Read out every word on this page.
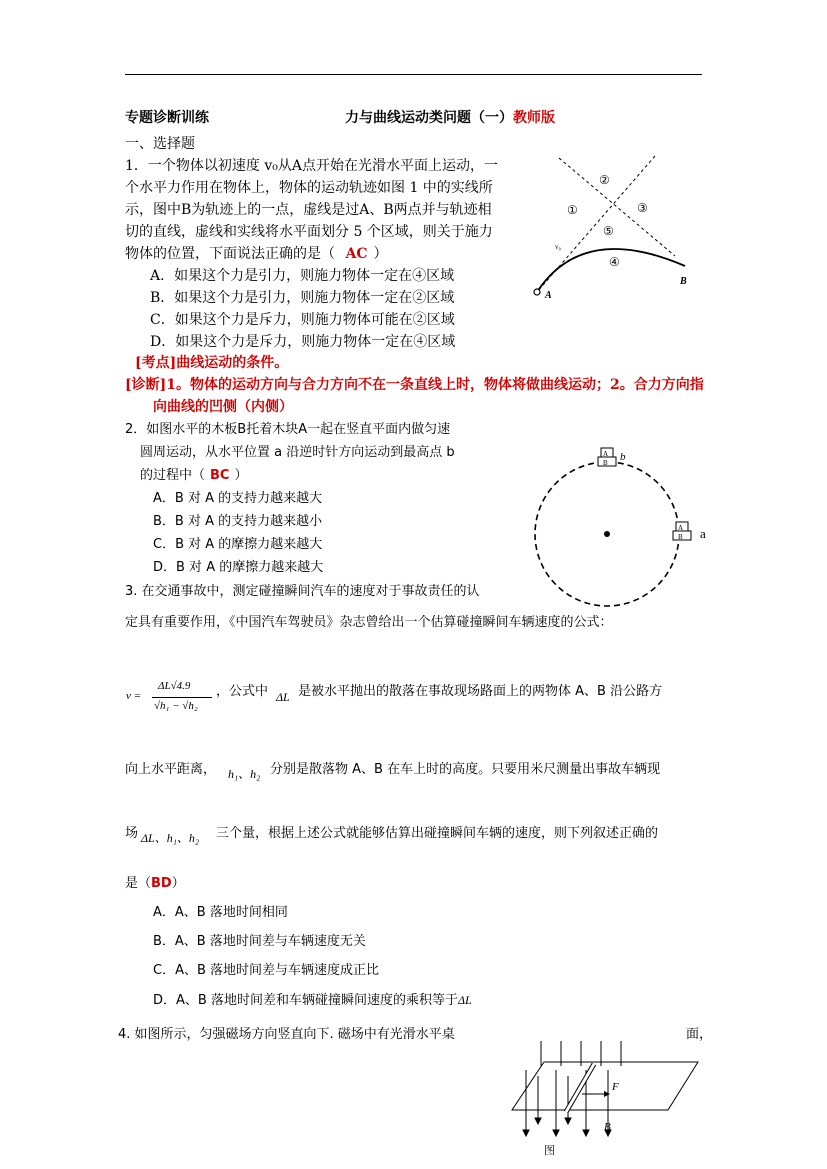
专题诊断训练	力与曲线运动类问题（一）教师版
一、选择题
1．一个物体以初速度 v₀从A点开始在光滑水平面上运动，一
个水平力作用在物体上，物体的运动轨迹如图 1 中的实线所
示，图中B为轨迹上的一点，虚线是过A、B两点并与轨迹相
切的直线，虚线和实线将水平面划分 5 个区域，则关于施力
物体的位置，下面说法正确的是（ AC ）
A．如果这个力是引力，则施力物体一定在④区域
B．如果这个力是引力，则施力物体一定在②区域
C．如果这个力是斥力，则施力物体可能在②区域
D．如果这个力是斥力，则施力物体一定在④区域
[考点]曲线运动的条件。
[诊断]1。物体的运动方向与合力方向不在一条直线上时，物体将做曲线运动；2。合力方向指
向曲线的凹侧（内侧）
A
B
v₀
①
②
③
④
⑤
2．如图水平的木板B托着木块A一起在竖直平面内做匀速
圆周运动，从水平位置 a 沿逆时针方向运动到最高点 b
的过程中（ BC ）
A．B 对 A 的支持力越来越大
B．B 对 A 的支持力越来越小
C．B 对 A 的摩擦力越来越大
D．B 对 A 的摩擦力越来越大
A
B b
A
B a
3. 在交通事故中，测定碰撞瞬间汽车的速度对于事故责任的认
定具有重要作用，《中国汽车驾驶员》杂志曾给出一个估算碰撞瞬间车辆速度的公式：
v =
ΔL√4.9
√h₁ − √h₂
，公式中 ΔL 是被水平抛出的散落在事故现场路面上的两物体 A、B 沿公路方
向上水平距离， h₁、h₂ 分别是散落物 A、B 在车上时的高度。只要用米尺测量出事故车辆现
场 ΔL、h₁、h₂ 三个量，根据上述公式就能够估算出碰撞瞬间车辆的速度，则下列叙述正确的
是（BD）
A．A、B 落地时间相同
B．A、B 落地时间差与车辆速度无关
C．A、B 落地时间差与车辆速度成正比
D．A、B 落地时间差和车辆碰撞瞬间速度的乘积等于ΔL
4. 如图所示，匀强磁场方向竖直向下. 磁场中有光滑水平桌	面，
F
B
图
